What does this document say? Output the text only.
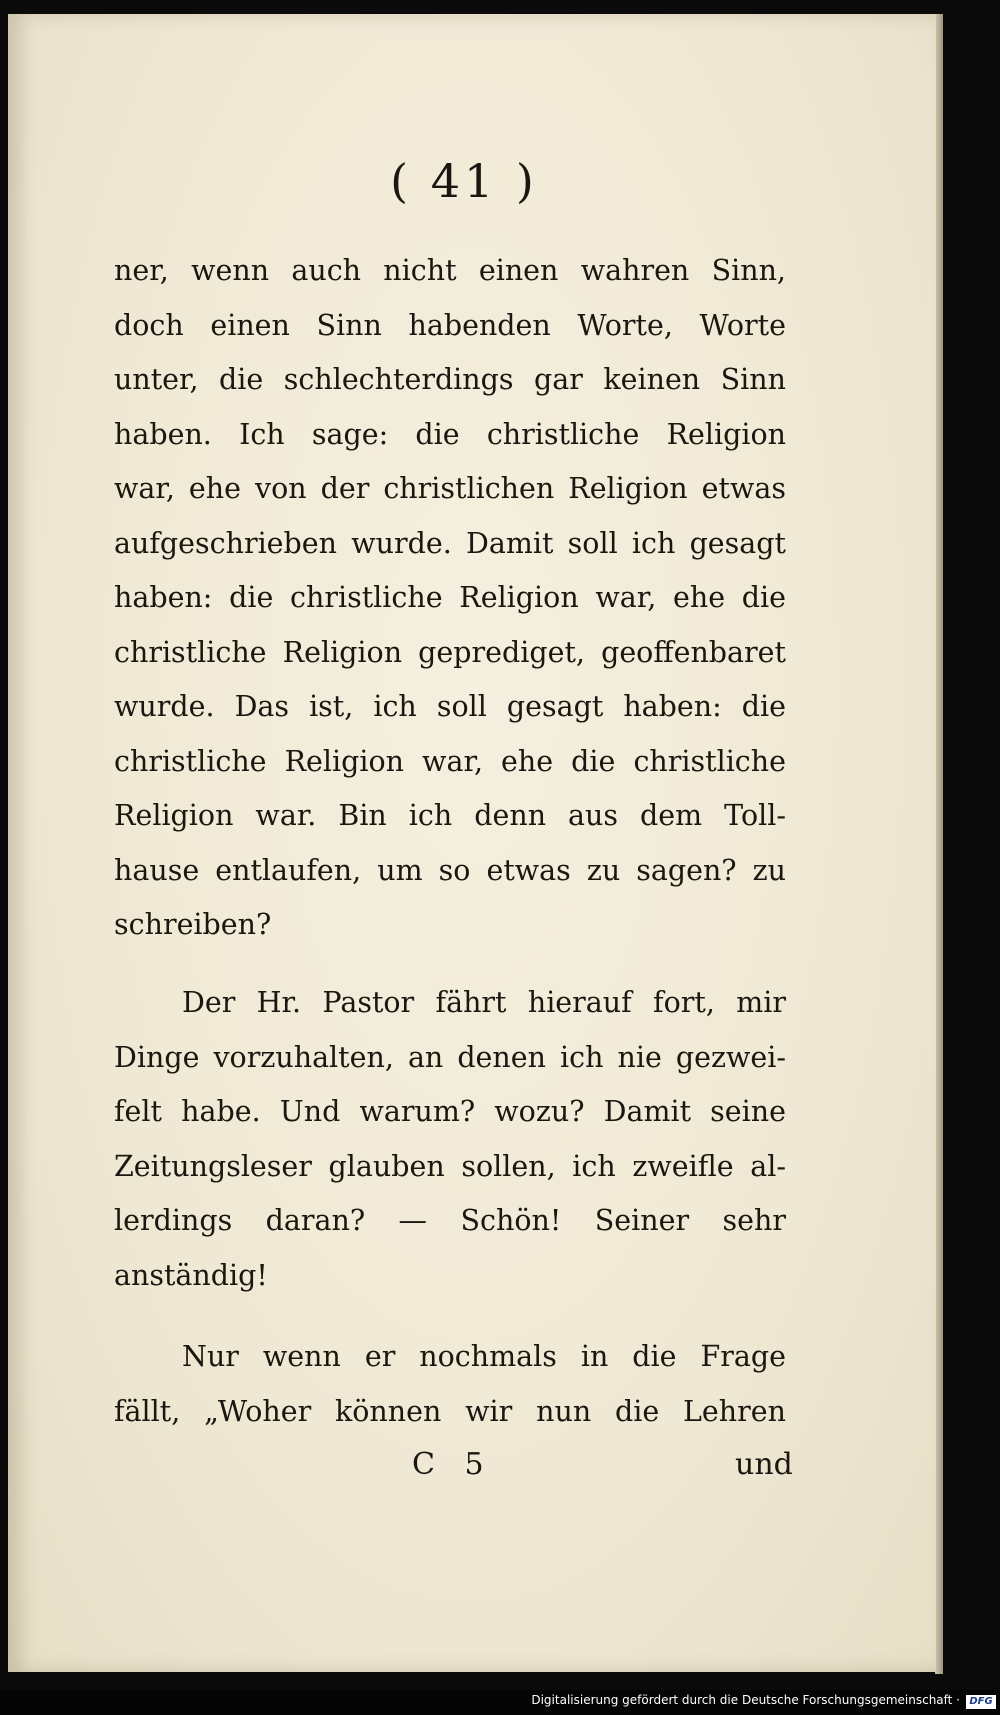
( 41 )
ner, wenn auch nicht einen wahren Sinn,
doch einen Sinn habenden Worte, Worte
unter, die schlechterdings gar keinen Sinn
haben. Ich sage: die christliche Religion
war, ehe von der christlichen Religion etwas
aufgeschrieben wurde. Damit soll ich gesagt
haben: die christliche Religion war, ehe die
christliche Religion geprediget, geoffenbaret
wurde. Das ist, ich soll gesagt haben: die
christliche Religion war, ehe die christliche
Religion war. Bin ich denn aus dem Toll-
hause entlaufen, um so etwas zu sagen? zu
schreiben?
Der Hr. Pastor fährt hierauf fort, mir
Dinge vorzuhalten, an denen ich nie gezwei-
felt habe. Und warum? wozu? Damit seine
Zeitungsleser glauben sollen, ich zweifle al-
lerdings daran? — Schön! Seiner sehr
anständig!
Nur wenn er nochmals in die Frage
fällt, „Woher können wir nun die Lehren
C 5	und
Digitalisierung gefördert durch die Deutsche Forschungsgemeinschaft · DFG
